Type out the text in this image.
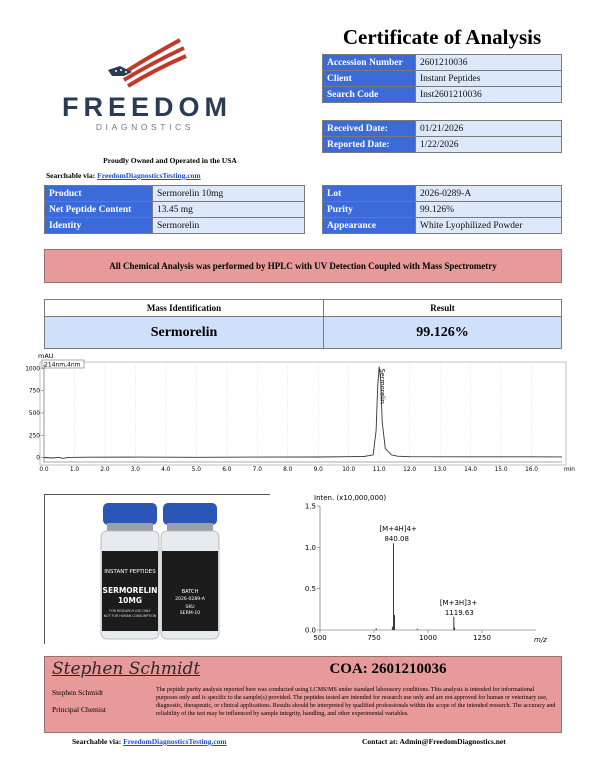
FREEDOM
DIAGNOSTICS
Proudly Owned and Operated in the USA
Searchable via: FreedomDiagnosticsTesting.com
Certificate of Analysis
Accession Number	2601210036
Client	Instant Peptides
Search Code	Inst2601210036
Received Date:	01/21/2026
Reported Date:	1/22/2026
Product	Sermorelin 10mg
Net Peptide Content	13.45 mg
Identity	Sermorelin
Lot	2026-0289-A
Purity	99.126%
Appearance	White Lyophilized Powder
All Chemical Analysis was performed by HPLC with UV Detection Coupled with Mass Spectrometry
Mass Identification	Result
Sermorelin	99.126%
mAU
214nm,4nm
0.0	1.0	2.0	3.0	4.0	5.0	6.0	7.0	8.0	9.0	10.0	11.0	12.0	13.0	14.0	15.0	16.0	min
0
250
500
750
1000	Sermorelin
INSTANT PEPTIDES
SERMORELIN
10MG
FOR RESEARCH USE ONLY
NOT FOR HUMAN CONSUMPTION
BATCH
2026-0289-A
SKU
SERM-10
Inten. (x10,000,000)
500	750	1000	1250
0.0
0.5
1.0
1.5
[M+4H]4+
840.08
[M+3H]3+
1119.63
m/z
Stephen Schmidt	COA: 2601210036
Stephen Schmidt
Principal Chemist
The peptide purity analysis reported here was conducted using LCMS/MS under standard laboratory conditions. This analysis is intended for informational purposes only and is specific to the sample(s) provided. The peptides tested are intended for research use only and are not approved for human or veterinary use, diagnostic, therapeutic, or clinical applications. Results should be interpreted by qualified professionals within the scope of the intended research. The accuracy and reliability of the test may be influenced by sample integrity, handling, and other experimental variables.
Searchable via: FreedomDiagnosticsTesting.com	Contact at: Admin@FreedomDiagnostics.net
